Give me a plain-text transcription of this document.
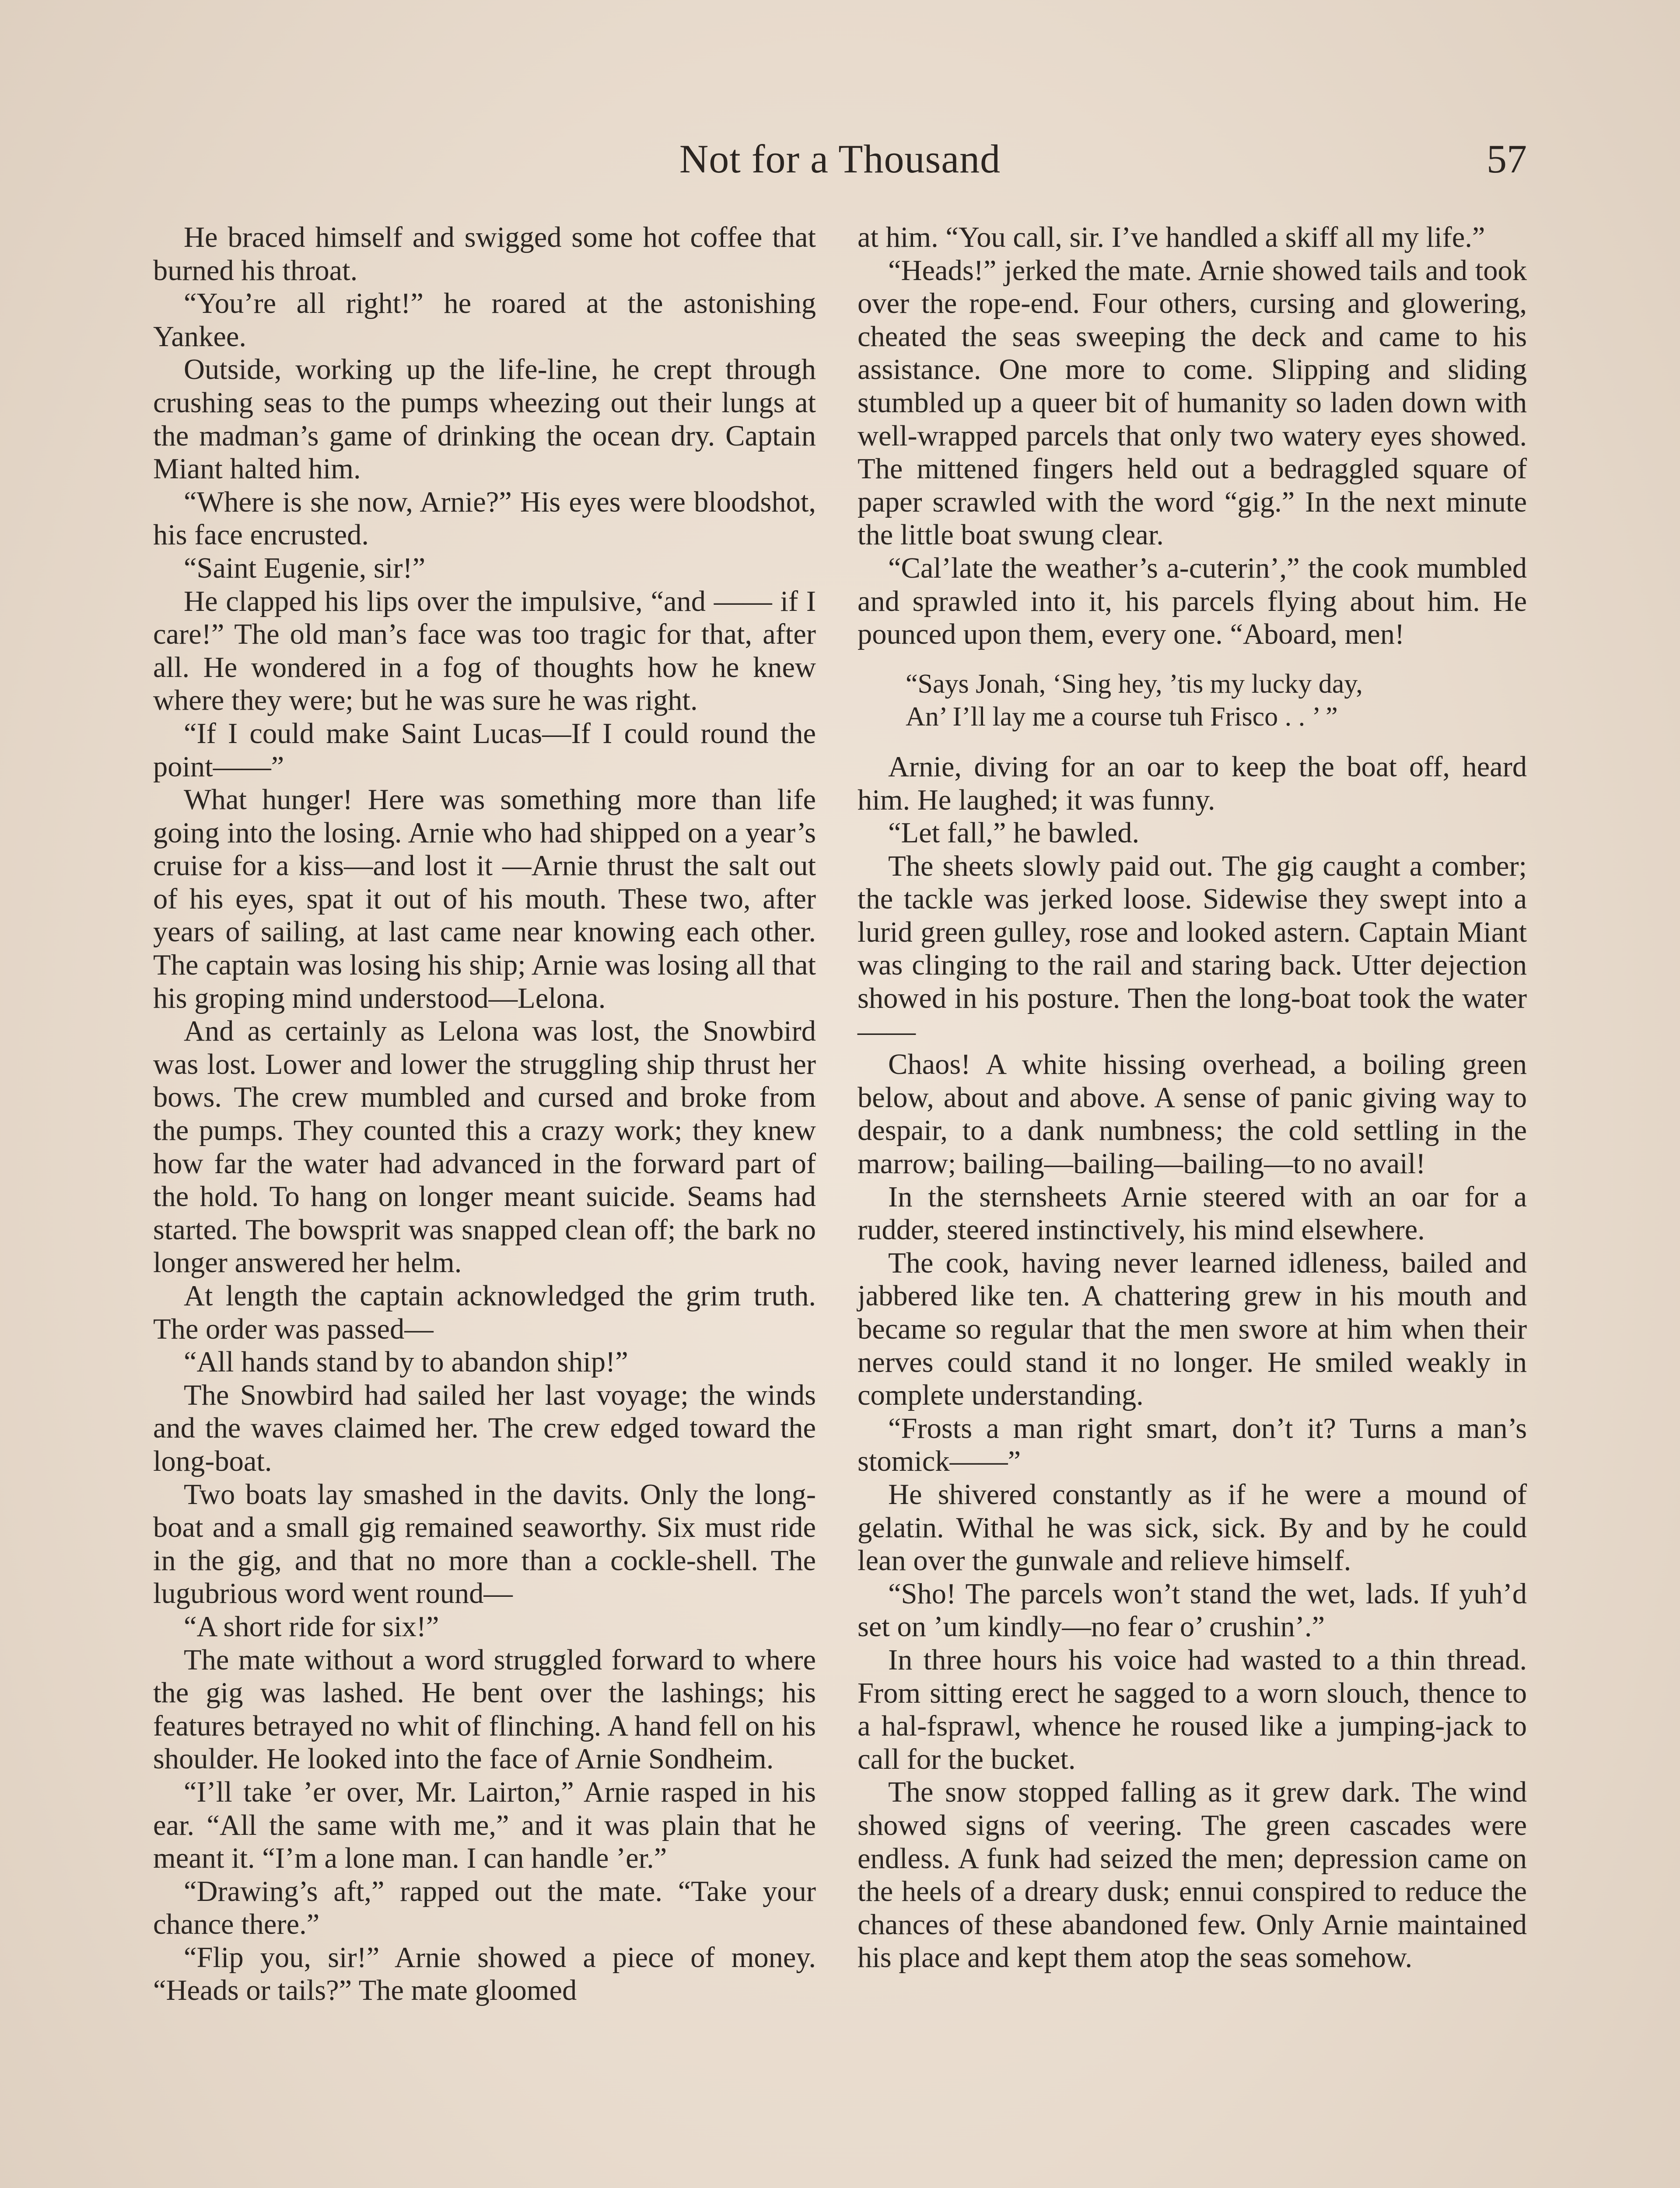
Not for a Thousand	57

He braced himself and swigged some hot coffee that burned his throat.

“You’re all right!” he roared at the astonishing Yankee.

Outside, working up the life-line, he crept through crushing seas to the pumps wheezing out their lungs at the madman’s game of drinking the ocean dry. Captain Miant halted him.

“Where is she now, Arnie?” His eyes were bloodshot, his face encrusted.

“Saint Eugenie, sir!”

He clapped his lips over the impulsive, “and —— if I care!” The old man’s face was too tragic for that, after all. He wondered in a fog of thoughts how he knew where they were; but he was sure he was right.

“If I could make Saint Lucas—If I could round the point——”

What hunger! Here was something more than life going into the losing. Arnie who had shipped on a year’s cruise for a kiss—and lost it —Arnie thrust the salt out of his eyes, spat it out of his mouth. These two, after years of sailing, at last came near knowing each other. The captain was losing his ship; Arnie was losing all that his groping mind understood—Lelona.

And as certainly as Lelona was lost, the Snowbird was lost. Lower and lower the struggling ship thrust her bows. The crew mumbled and cursed and broke from the pumps. They counted this a crazy work; they knew how far the water had advanced in the forward part of the hold. To hang on longer meant suicide. Seams had started. The bowsprit was snapped clean off; the bark no longer answered her helm.

At length the captain acknowledged the grim truth. The order was passed—

“All hands stand by to abandon ship!”

The Snowbird had sailed her last voyage; the winds and the waves claimed her. The crew edged toward the long-boat.

Two boats lay smashed in the davits. Only the long-boat and a small gig remained seaworthy. Six must ride in the gig, and that no more than a cockle-shell. The lugubrious word went round—

“A short ride for six!”

The mate without a word struggled forward to where the gig was lashed. He bent over the lashings; his features betrayed no whit of flinching. A hand fell on his shoulder. He looked into the face of Arnie Sondheim.

“I’ll take ’er over, Mr. Lairton,” Arnie rasped in his ear. “All the same with me,” and it was plain that he meant it. “I’m a lone man. I can handle ’er.”

“Drawing’s aft,” rapped out the mate. “Take your chance there.”

“Flip you, sir!” Arnie showed a piece of money. “Heads or tails?” The mate gloomed

at him. “You call, sir. I’ve handled a skiff all my life.”

“Heads!” jerked the mate. Arnie showed tails and took over the rope-end. Four others, cursing and glowering, cheated the seas sweeping the deck and came to his assistance. One more to come. Slipping and sliding stumbled up a queer bit of humanity so laden down with well-wrapped parcels that only two watery eyes showed. The mittened fingers held out a bedraggled square of paper scrawled with the word “gig.” In the next minute the little boat swung clear.

“Cal’late the weather’s a-cuterin’,” the cook mumbled and sprawled into it, his parcels flying about him. He pounced upon them, every one. “Aboard, men!

“Says Jonah, ‘Sing hey, ’tis my lucky day,
An’ I’ll lay me a course tuh Frisco . . ’ ”

Arnie, diving for an oar to keep the boat off, heard him. He laughed; it was funny.

“Let fall,” he bawled.

The sheets slowly paid out. The gig caught a comber; the tackle was jerked loose. Sidewise they swept into a lurid green gulley, rose and looked astern. Captain Miant was clinging to the rail and staring back. Utter dejection showed in his posture. Then the long-boat took the water——

Chaos! A white hissing overhead, a boiling green below, about and above. A sense of panic giving way to despair, to a dank numbness; the cold settling in the marrow; bailing—bailing—bailing—to no avail!

In the sternsheets Arnie steered with an oar for a rudder, steered instinctively, his mind elsewhere.

The cook, having never learned idleness, bailed and jabbered like ten. A chattering grew in his mouth and became so regular that the men swore at him when their nerves could stand it no longer. He smiled weakly in complete understanding.

“Frosts a man right smart, don’t it? Turns a man’s stomick——”

He shivered constantly as if he were a mound of gelatin. Withal he was sick, sick. By and by he could lean over the gunwale and relieve himself.

“Sho! The parcels won’t stand the wet, lads. If yuh’d set on ’um kindly—no fear o’ crushin’.”

In three hours his voice had wasted to a thin thread. From sitting erect he sagged to a worn slouch, thence to a hal-fsprawl, whence he roused like a jumping-jack to call for the bucket.

The snow stopped falling as it grew dark. The wind showed signs of veering. The green cascades were endless. A funk had seized the men; depression came on the heels of a dreary dusk; ennui conspired to reduce the chances of these abandoned few. Only Arnie maintained his place and kept them atop the seas somehow.
